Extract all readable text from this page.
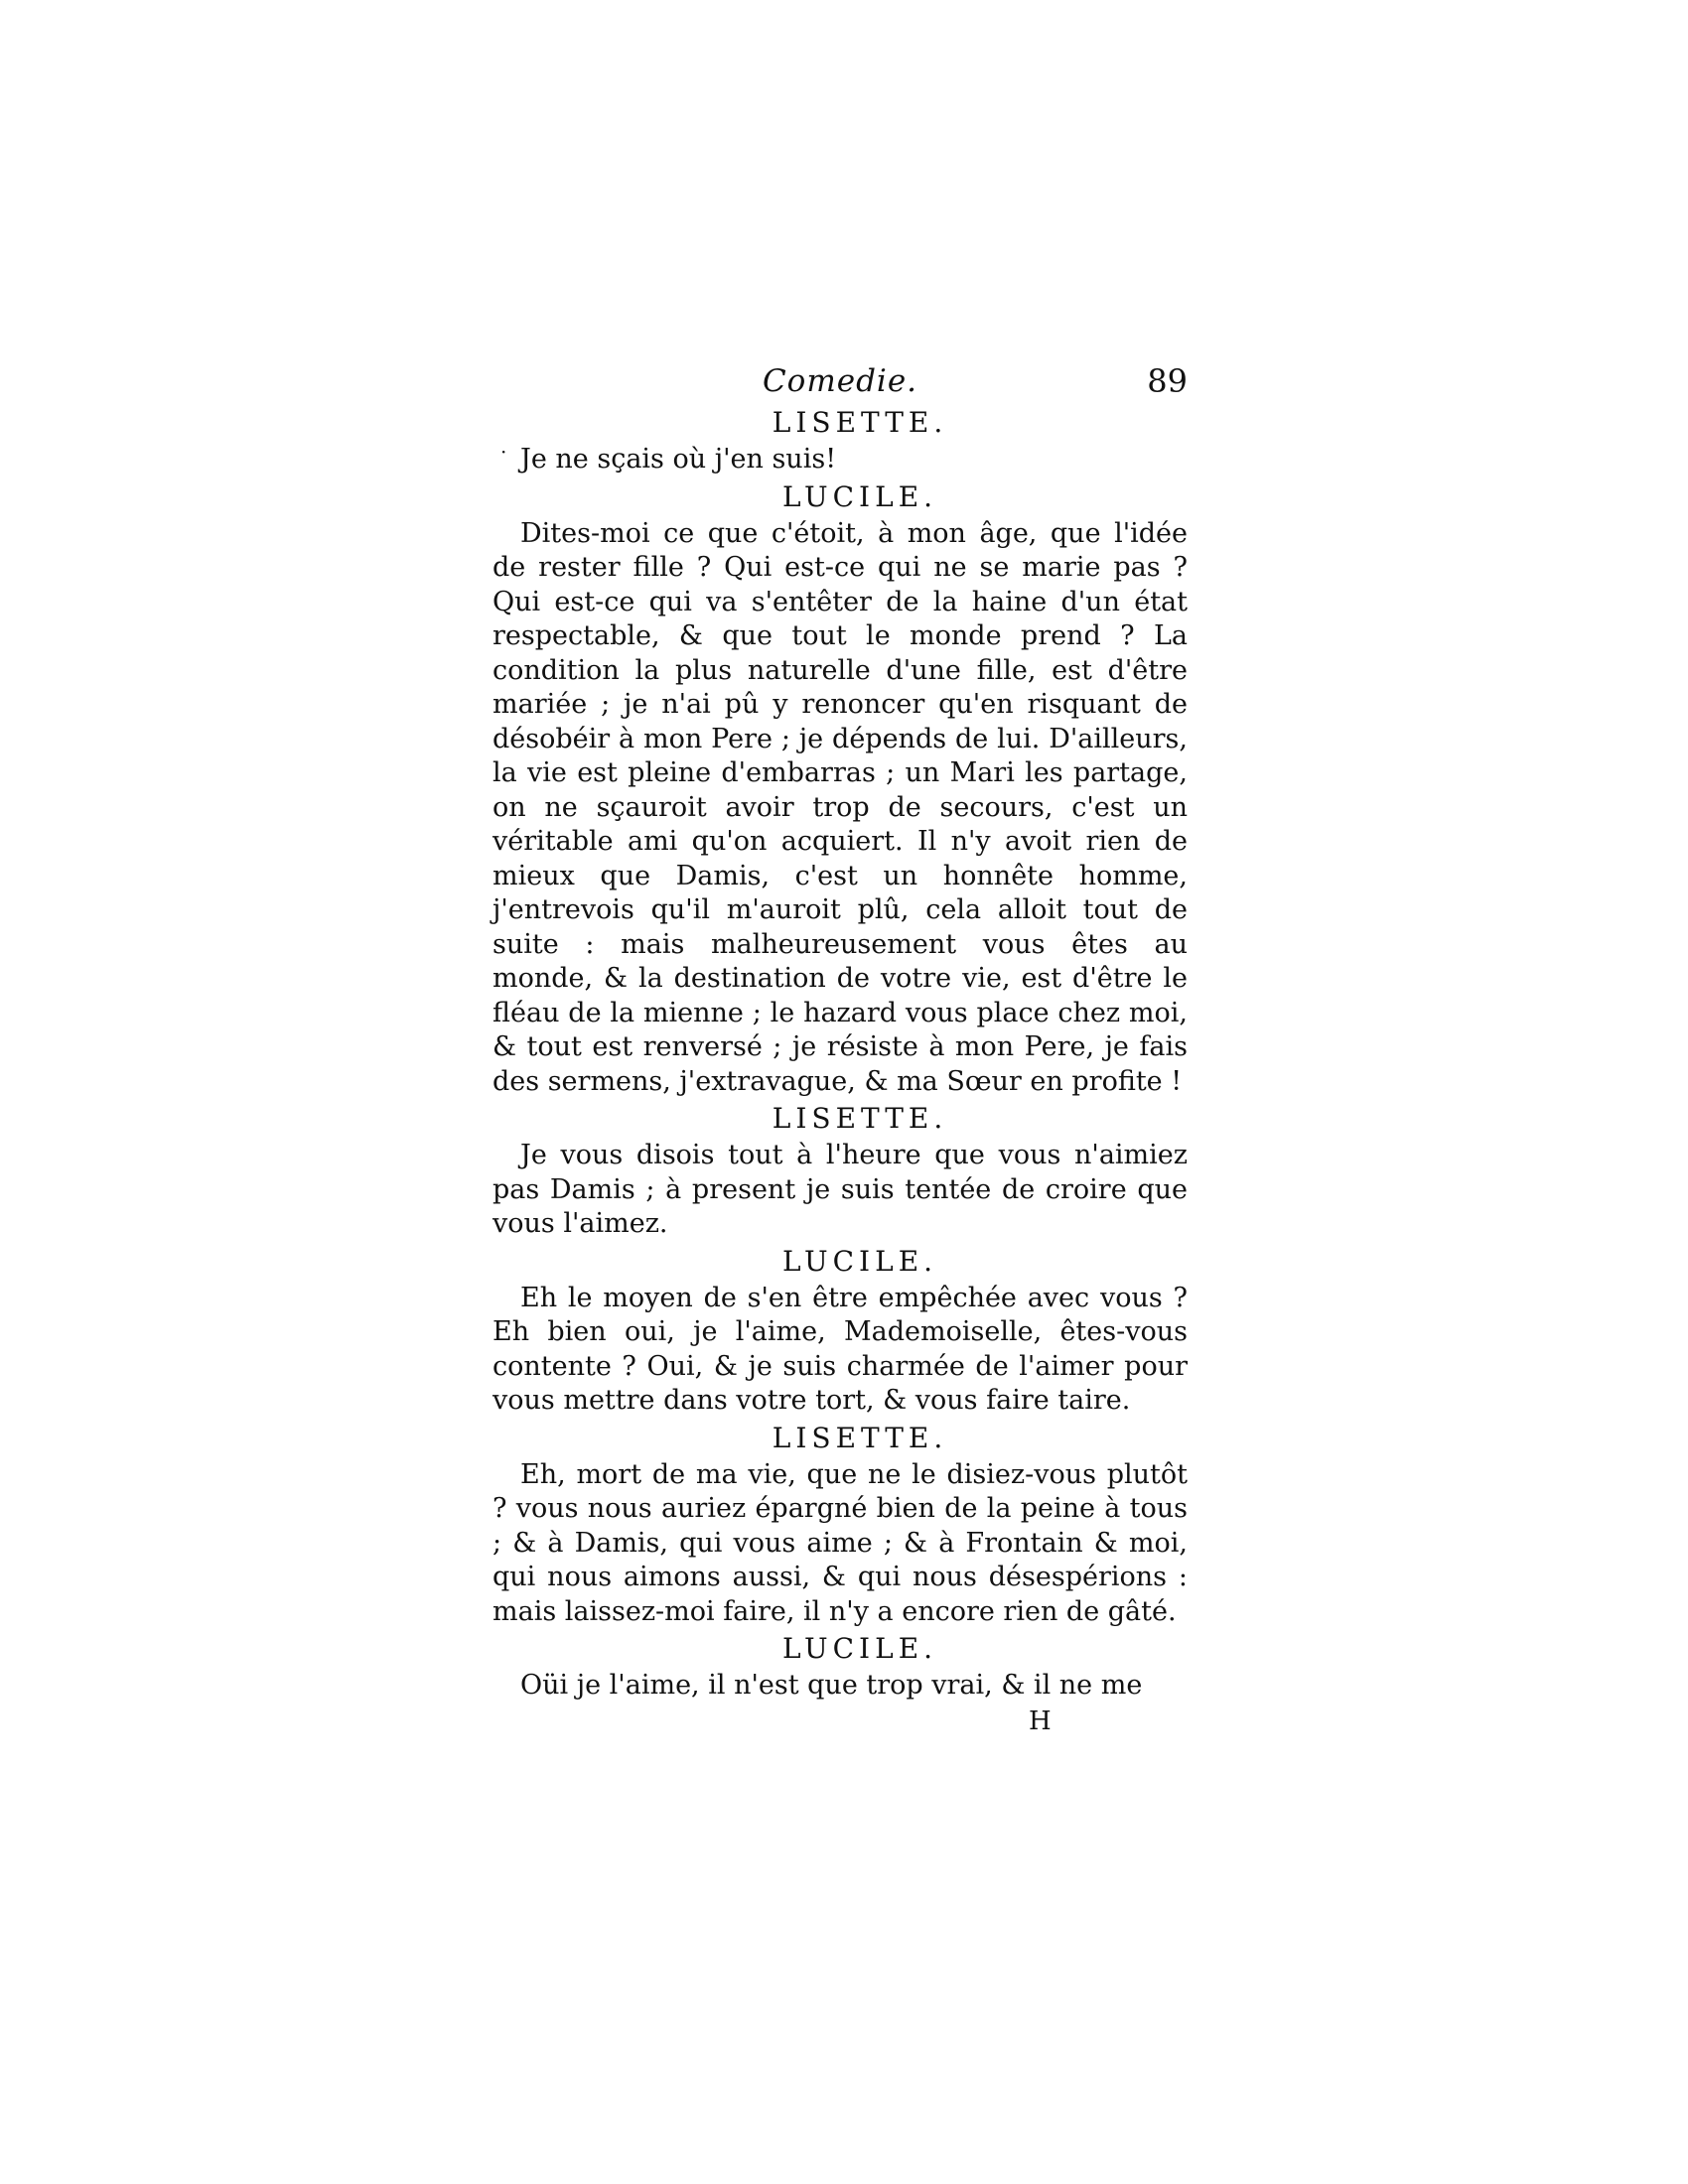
·
Comedie.	89
LISETTE.

Je ne sçais où j'en suis!

LUCILE.

Dites-moi ce que c'étoit, à mon âge, que l'idée de rester fille ? Qui est-ce qui ne se marie pas ? Qui est-ce qui va s'entêter de la haine d'un état respectable, & que tout le monde prend ? La condition la plus naturelle d'une fille, est d'être mariée ; je n'ai pû y renoncer qu'en risquant de désobéir à mon Pere ; je dépends de lui. D'ailleurs, la vie est pleine d'embarras ; un Mari les partage, on ne sçauroit avoir trop de secours, c'est un véritable ami qu'on acquiert. Il n'y avoit rien de mieux que Damis, c'est un honnête homme, j'entrevois qu'il m'auroit plû, cela alloit tout de suite : mais malheureusement vous êtes au monde, & la destination de votre vie, est d'être le fléau de la mienne ; le hazard vous place chez moi, & tout est renversé ; je résiste à mon Pere, je fais des sermens, j'extravague, & ma Sœur en profite !

LISETTE.

Je vous disois tout à l'heure que vous n'aimiez pas Damis ; à present je suis tentée de croire que vous l'aimez.

LUCILE.

Eh le moyen de s'en être empêchée avec vous ? Eh bien oui, je l'aime, Mademoiselle, êtes-vous contente ? Oui, & je suis charmée de l'aimer pour vous mettre dans votre tort, & vous faire taire.

LISETTE.

Eh, mort de ma vie, que ne le disiez-vous plutôt ? vous nous auriez épargné bien de la peine à tous ; & à Damis, qui vous aime ; & à Frontain & moi, qui nous aimons aussi, & qui nous désespérions : mais laissez-moi faire, il n'y a encore rien de gâté.

LUCILE.

Oüi je l'aime, il n'est que trop vrai, & il ne me

H
